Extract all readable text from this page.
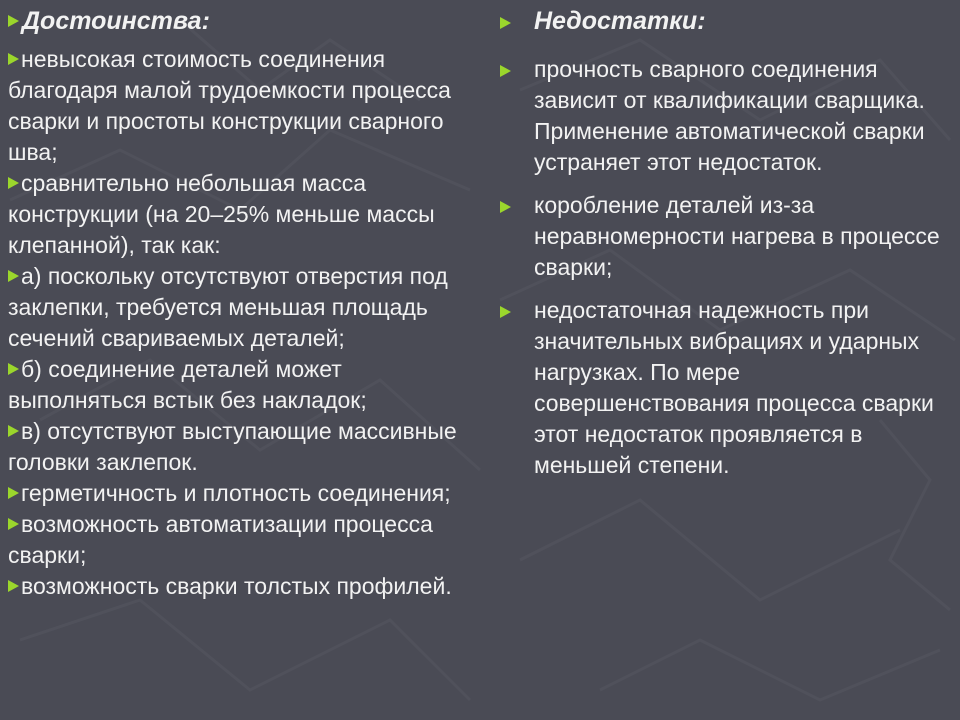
Достоинства:
невысокая стоимость соединения благодаря малой трудоемкости процесса сварки и простоты конструкции сварного шва;
сравнительно небольшая масса конструкции (на 20–25% меньше массы клепанной), так как:
а) поскольку отсутствуют отверстия под заклепки, требуется меньшая площадь сечений свариваемых деталей;
б) соединение деталей может выполняться встык без накладок;
в) отсутствуют выступающие массивные головки заклепок.
герметичность и плотность соединения;
возможность автоматизации процесса сварки;
возможность сварки толстых профилей.
Недостатки:
прочность сварного соединения зависит от квалификации сварщика. Применение автоматической сварки устраняет этот недостаток.
коробление деталей из-за неравномерности нагрева в процессе сварки;
недостаточная надежность при значительных вибрациях и ударных нагрузках. По мере совершенствования процесса сварки этот недостаток проявляется в меньшей степени.
